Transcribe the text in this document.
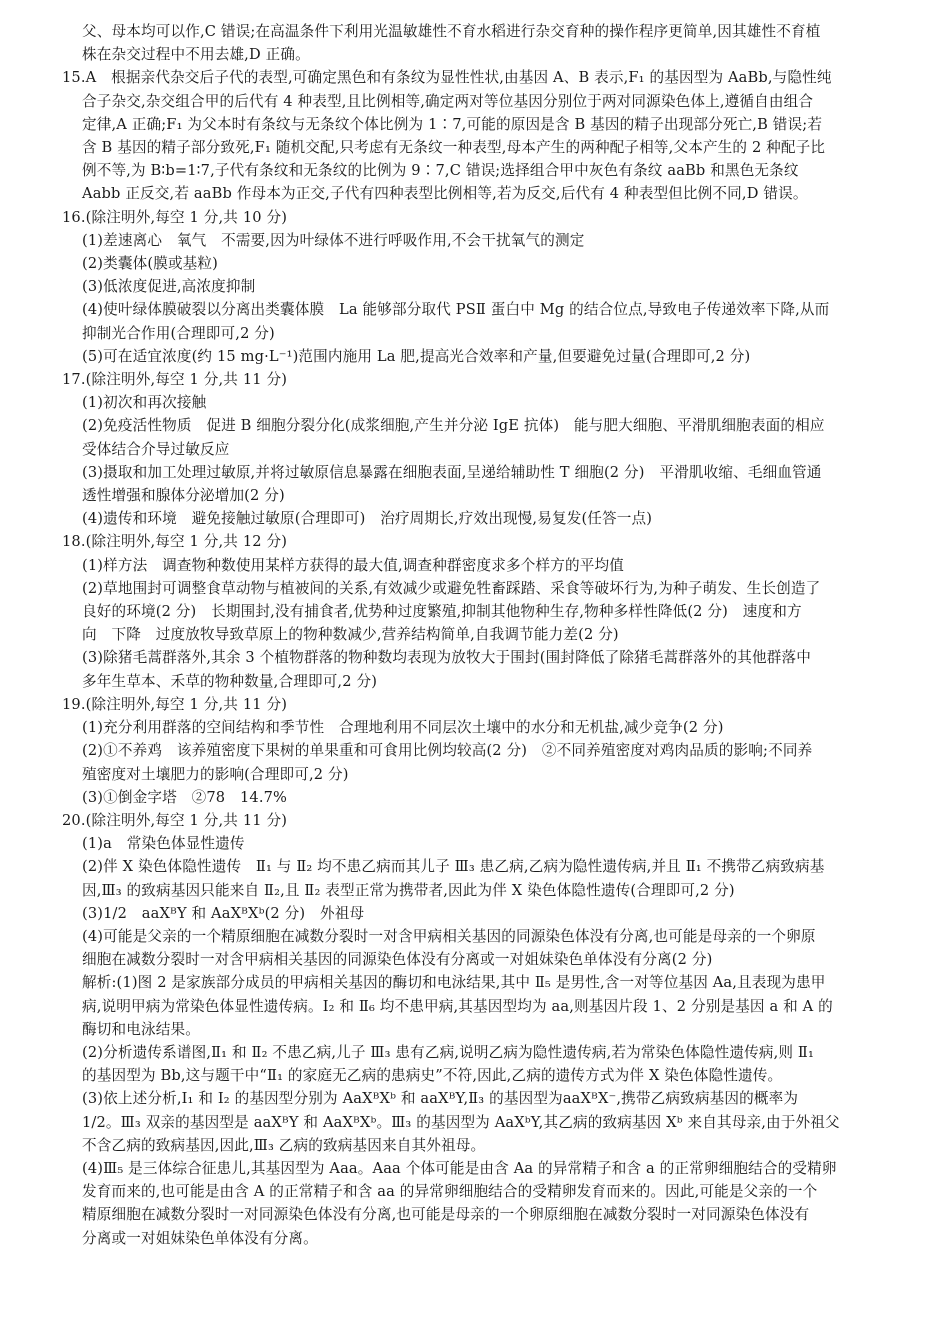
父、母本均可以作,C 错误;在高温条件下利用光温敏雄性不育水稻进行杂交育种的操作程序更简单,因其雄性不育植
株在杂交过程中不用去雄,D 正确。
15.A　根据亲代杂交后子代的表型,可确定黑色和有条纹为显性性状,由基因 A、B 表示,F₁ 的基因型为 AaBb,与隐性纯
合子杂交,杂交组合甲的后代有 4 种表型,且比例相等,确定两对等位基因分别位于两对同源染色体上,遵循自由组合
定律,A 正确;F₁ 为父本时有条纹与无条纹个体比例为 1∶7,可能的原因是含 B 基因的精子出现部分死亡,B 错误;若
含 B 基因的精子部分致死,F₁ 随机交配,只考虑有无条纹一种表型,母本产生的两种配子相等,父本产生的 2 种配子比
例不等,为 B∶b=1∶7,子代有条纹和无条纹的比例为 9∶7,C 错误;选择组合甲中灰色有条纹 aaBb 和黑色无条纹
Aabb 正反交,若 aaBb 作母本为正交,子代有四种表型比例相等,若为反交,后代有 4 种表型但比例不同,D 错误。
16.(除注明外,每空 1 分,共 10 分)
(1)差速离心　氧气　不需要,因为叶绿体不进行呼吸作用,不会干扰氧气的测定
(2)类囊体(膜或基粒)
(3)低浓度促进,高浓度抑制
(4)使叶绿体膜破裂以分离出类囊体膜　La 能够部分取代 PSⅡ 蛋白中 Mg 的结合位点,导致电子传递效率下降,从而
抑制光合作用(合理即可,2 分)
(5)可在适宜浓度(约 15 mg·L⁻¹)范围内施用 La 肥,提高光合效率和产量,但要避免过量(合理即可,2 分)
17.(除注明外,每空 1 分,共 11 分)
(1)初次和再次接触
(2)免疫活性物质　促进 B 细胞分裂分化(成浆细胞,产生并分泌 IgE 抗体)　能与肥大细胞、平滑肌细胞表面的相应
受体结合介导过敏反应
(3)摄取和加工处理过敏原,并将过敏原信息暴露在细胞表面,呈递给辅助性 T 细胞(2 分)　平滑肌收缩、毛细血管通
透性增强和腺体分泌增加(2 分)
(4)遗传和环境　避免接触过敏原(合理即可)　治疗周期长,疗效出现慢,易复发(任答一点)
18.(除注明外,每空 1 分,共 12 分)
(1)样方法　调查物种数使用某样方获得的最大值,调查种群密度求多个样方的平均值
(2)草地围封可调整食草动物与植被间的关系,有效减少或避免牲畜踩踏、采食等破坏行为,为种子萌发、生长创造了
良好的环境(2 分)　长期围封,没有捕食者,优势种过度繁殖,抑制其他物种生存,物种多样性降低(2 分)　速度和方
向　下降　过度放牧导致草原上的物种数减少,营养结构简单,自我调节能力差(2 分)
(3)除猪毛蒿群落外,其余 3 个植物群落的物种数均表现为放牧大于围封(围封降低了除猪毛蒿群落外的其他群落中
多年生草本、禾草的物种数量,合理即可,2 分)
19.(除注明外,每空 1 分,共 11 分)
(1)充分利用群落的空间结构和季节性　合理地利用不同层次土壤中的水分和无机盐,减少竞争(2 分)
(2)①不养鸡　该养殖密度下果树的单果重和可食用比例均较高(2 分)　②不同养殖密度对鸡肉品质的影响;不同养
殖密度对土壤肥力的影响(合理即可,2 分)
(3)①倒金字塔　②78　14.7%
20.(除注明外,每空 1 分,共 11 分)
(1)a　常染色体显性遗传
(2)伴 X 染色体隐性遗传　Ⅱ₁ 与 Ⅱ₂ 均不患乙病而其儿子 Ⅲ₃ 患乙病,乙病为隐性遗传病,并且 Ⅱ₁ 不携带乙病致病基
因,Ⅲ₃ 的致病基因只能来自 Ⅱ₂,且 Ⅱ₂ 表型正常为携带者,因此为伴 X 染色体隐性遗传(合理即可,2 分)
(3)1/2　aaXᴮY 和 AaXᴮXᵇ(2 分)　外祖母
(4)可能是父亲的一个精原细胞在减数分裂时一对含甲病相关基因的同源染色体没有分离,也可能是母亲的一个卵原
细胞在减数分裂时一对含甲病相关基因的同源染色体没有分离或一对姐妹染色单体没有分离(2 分)
解析:(1)图 2 是家族部分成员的甲病相关基因的酶切和电泳结果,其中 Ⅱ₅ 是男性,含一对等位基因 Aa,且表现为患甲
病,说明甲病为常染色体显性遗传病。Ⅰ₂ 和 Ⅱ₆ 均不患甲病,其基因型均为 aa,则基因片段 1、2 分别是基因 a 和 A 的
酶切和电泳结果。
(2)分析遗传系谱图,Ⅱ₁ 和 Ⅱ₂ 不患乙病,儿子 Ⅲ₃ 患有乙病,说明乙病为隐性遗传病,若为常染色体隐性遗传病,则 Ⅱ₁
的基因型为 Bb,这与题干中“Ⅱ₁ 的家庭无乙病的患病史”不符,因此,乙病的遗传方式为伴 X 染色体隐性遗传。
(3)依上述分析,Ⅰ₁ 和 Ⅰ₂ 的基因型分别为 AaXᴮXᵇ 和 aaXᴮY,Ⅱ₃ 的基因型为aaXᴮX⁻,携带乙病致病基因的概率为
1/2。Ⅲ₃ 双亲的基因型是 aaXᴮY 和 AaXᴮXᵇ。Ⅲ₃ 的基因型为 AaXᵇY,其乙病的致病基因 Xᵇ 来自其母亲,由于外祖父
不含乙病的致病基因,因此,Ⅲ₃ 乙病的致病基因来自其外祖母。
(4)Ⅲ₅ 是三体综合征患儿,其基因型为 Aaa。Aaa 个体可能是由含 Aa 的异常精子和含 a 的正常卵细胞结合的受精卵
发育而来的,也可能是由含 A 的正常精子和含 aa 的异常卵细胞结合的受精卵发育而来的。因此,可能是父亲的一个
精原细胞在减数分裂时一对同源染色体没有分离,也可能是母亲的一个卵原细胞在减数分裂时一对同源染色体没有
分离或一对姐妹染色单体没有分离。
